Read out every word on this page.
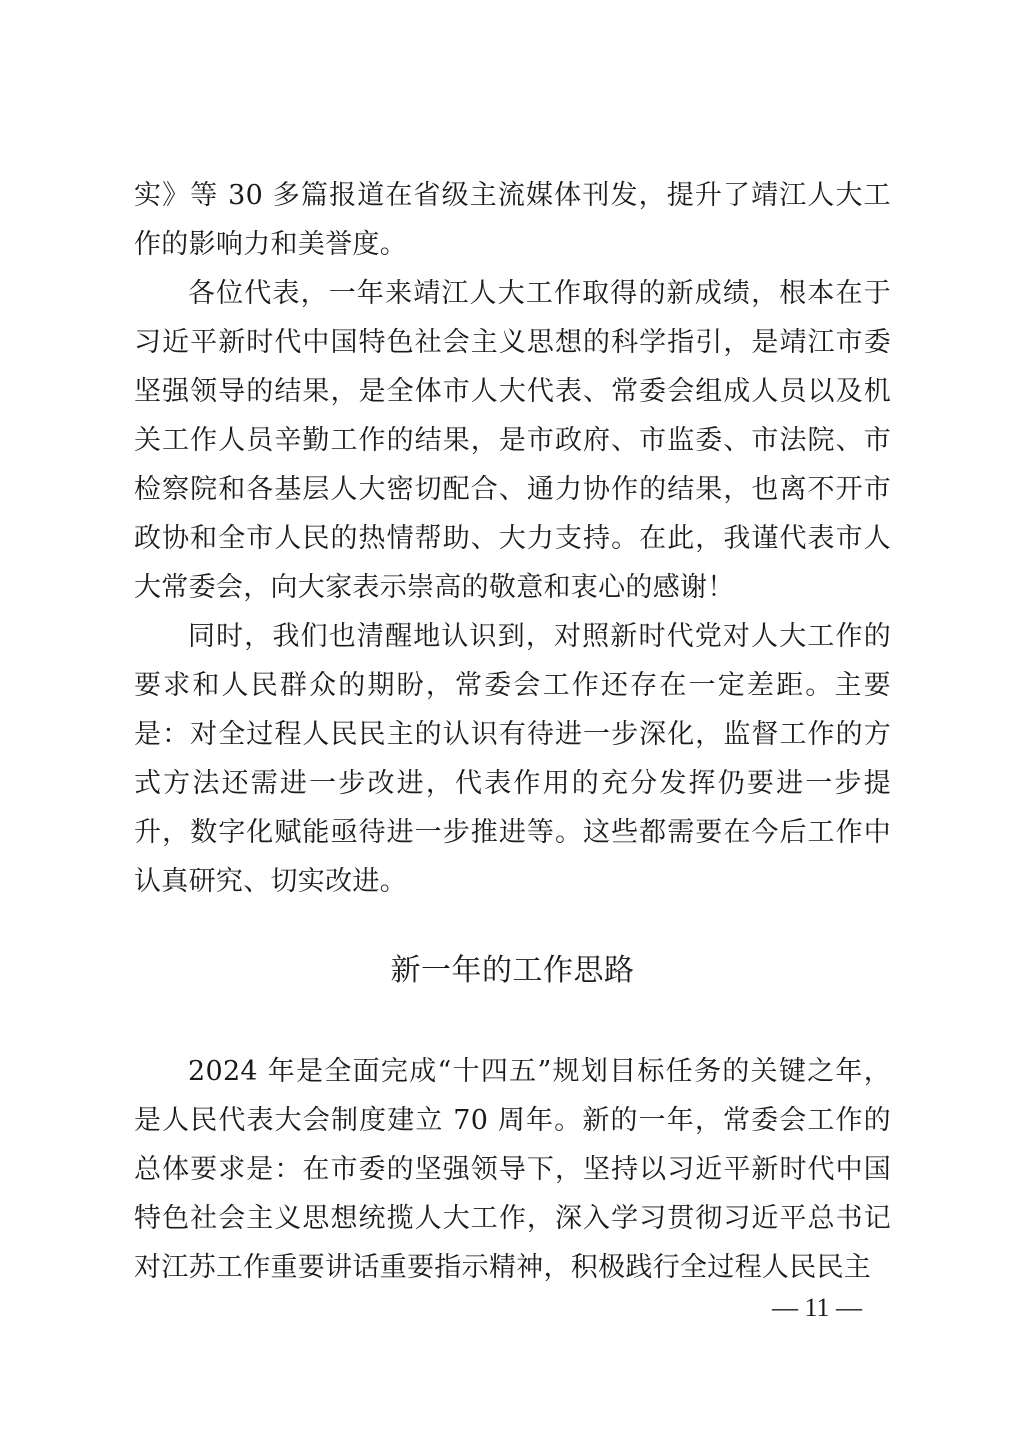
实》等 30 多篇报道在省级主流媒体刊发，提升了靖江人大工作的影响力和美誉度。

各位代表，一年来靖江人大工作取得的新成绩，根本在于习近平新时代中国特色社会主义思想的科学指引，是靖江市委坚强领导的结果，是全体市人大代表、常委会组成人员以及机关工作人员辛勤工作的结果，是市政府、市监委、市法院、市检察院和各基层人大密切配合、通力协作的结果，也离不开市政协和全市人民的热情帮助、大力支持。在此，我谨代表市人大常委会，向大家表示崇高的敬意和衷心的感谢！

同时，我们也清醒地认识到，对照新时代党对人大工作的要求和人民群众的期盼，常委会工作还存在一定差距。主要是：对全过程人民民主的认识有待进一步深化，监督工作的方式方法还需进一步改进，代表作用的充分发挥仍要进一步提升，数字化赋能亟待进一步推进等。这些都需要在今后工作中认真研究、切实改进。

新一年的工作思路

2024 年是全面完成“十四五”规划目标任务的关键之年，是人民代表大会制度建立 70 周年。新的一年，常委会工作的总体要求是：在市委的坚强领导下，坚持以习近平新时代中国特色社会主义思想统揽人大工作，深入学习贯彻习近平总书记对江苏工作重要讲话重要指示精神，积极践行全过程人民民主

— 11 —
